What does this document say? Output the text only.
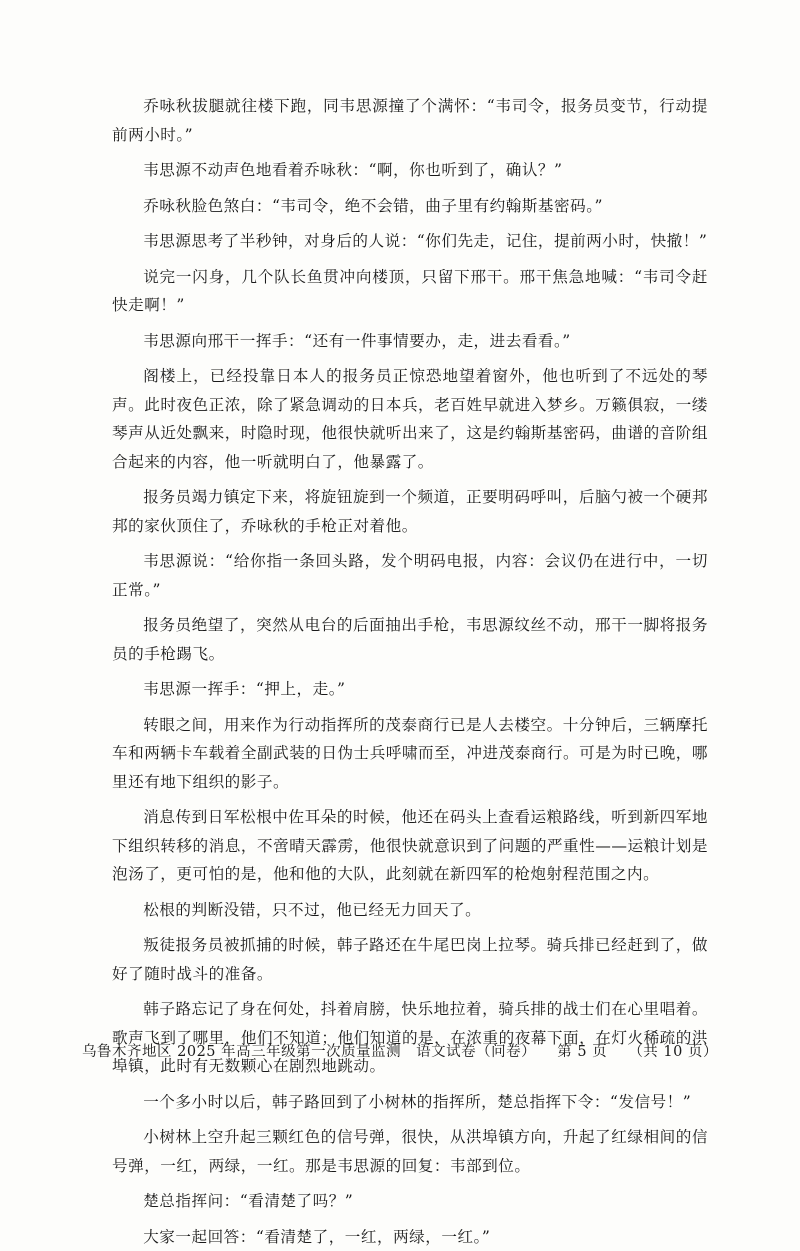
乔咏秋拔腿就往楼下跑，同韦思源撞了个满怀：“韦司令，报务员变节，行动提前两小时。”

韦思源不动声色地看着乔咏秋：“啊，你也听到了，确认？”

乔咏秋脸色煞白：“韦司令，绝不会错，曲子里有约翰斯基密码。”

韦思源思考了半秒钟，对身后的人说：“你们先走，记住，提前两小时，快撤！”

说完一闪身，几个队长鱼贯冲向楼顶，只留下邢干。邢干焦急地喊：“韦司令赶快走啊！”

韦思源向邢干一挥手：“还有一件事情要办，走，进去看看。”

阁楼上，已经投靠日本人的报务员正惊恐地望着窗外，他也听到了不远处的琴声。此时夜色正浓，除了紧急调动的日本兵，老百姓早就进入梦乡。万籁俱寂，一缕琴声从近处飘来，时隐时现，他很快就听出来了，这是约翰斯基密码，曲谱的音阶组合起来的内容，他一听就明白了，他暴露了。

报务员竭力镇定下来，将旋钮旋到一个频道，正要明码呼叫，后脑勺被一个硬邦邦的家伙顶住了，乔咏秋的手枪正对着他。

韦思源说：“给你指一条回头路，发个明码电报，内容：会议仍在进行中，一切正常。”

报务员绝望了，突然从电台的后面抽出手枪，韦思源纹丝不动，邢干一脚将报务员的手枪踢飞。

韦思源一挥手：“押上，走。”

转眼之间，用来作为行动指挥所的茂泰商行已是人去楼空。十分钟后，三辆摩托车和两辆卡车载着全副武装的日伪士兵呼啸而至，冲进茂泰商行。可是为时已晚，哪里还有地下组织的影子。

消息传到日军松根中佐耳朵的时候，他还在码头上查看运粮路线，听到新四军地下组织转移的消息，不啻晴天霹雳，他很快就意识到了问题的严重性——运粮计划是泡汤了，更可怕的是，他和他的大队，此刻就在新四军的枪炮射程范围之内。

松根的判断没错，只不过，他已经无力回天了。

叛徒报务员被抓捕的时候，韩子路还在牛尾巴岗上拉琴。骑兵排已经赶到了，做好了随时战斗的准备。

韩子路忘记了身在何处，抖着肩膀，快乐地拉着，骑兵排的战士们在心里唱着。歌声飞到了哪里，他们不知道；他们知道的是，在浓重的夜幕下面，在灯火稀疏的洪埠镇，此时有无数颗心在剧烈地跳动。

一个多小时以后，韩子路回到了小树林的指挥所，楚总指挥下令：“发信号！”

小树林上空升起三颗红色的信号弹，很快，从洪埠镇方向，升起了红绿相间的信号弹，一红，两绿，一红。那是韦思源的回复：韦部到位。

楚总指挥问：“看清楚了吗？”

大家一起回答：“看清楚了，一红，两绿，一红。”

乌鲁木齐地区 2025 年高三年级第一次质量监测　语文试卷（问卷） 第 5 页 （共 10 页）
